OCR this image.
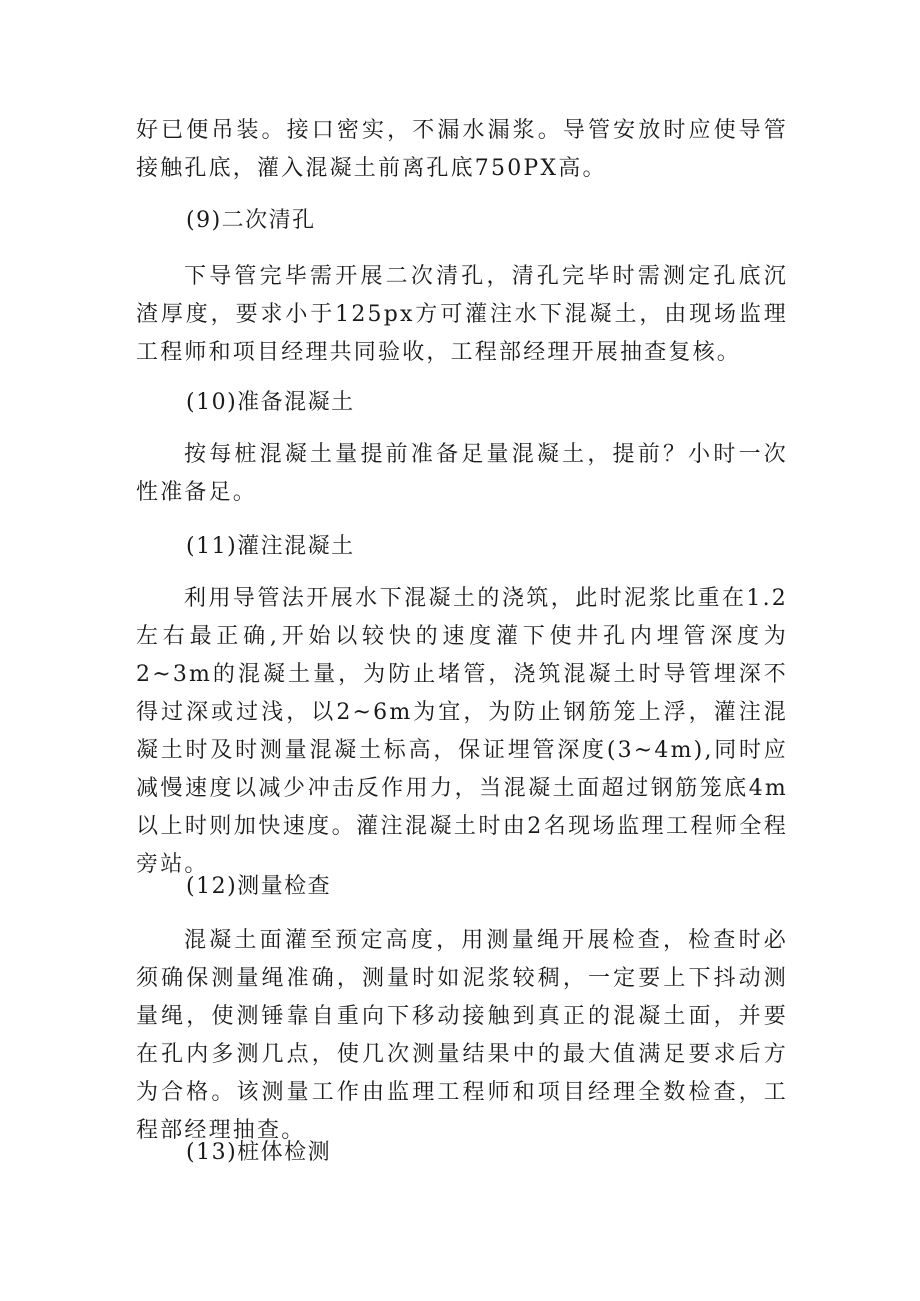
好已便吊装。接口密实，不漏水漏浆。导管安放时应使导管接触孔底，灌入混凝土前离孔底750PX高。

(9)二次清孔

下导管完毕需开展二次清孔，清孔完毕时需测定孔底沉渣厚度，要求小于125px方可灌注水下混凝土，由现场监理工程师和项目经理共同验收，工程部经理开展抽查复核。

(10)准备混凝土

按每桩混凝土量提前准备足量混凝土，提前？小时一次性准备足。

(11)灌注混凝土

利用导管法开展水下混凝土的浇筑，此时泥浆比重在1.2左右最正确,开始以较快的速度灌下使井孔内埋管深度为2~3m的混凝土量，为防止堵管，浇筑混凝土时导管埋深不得过深或过浅，以2~6m为宜，为防止钢筋笼上浮，灌注混凝土时及时测量混凝土标高，保证埋管深度(3~4m),同时应减慢速度以减少冲击反作用力，当混凝土面超过钢筋笼底4m以上时则加快速度。灌注混凝土时由2名现场监理工程师全程旁站。

(12)测量检查

混凝土面灌至预定高度，用测量绳开展检查，检查时必须确保测量绳准确，测量时如泥浆较稠，一定要上下抖动测量绳，使测锤靠自重向下移动接触到真正的混凝土面，并要在孔内多测几点，使几次测量结果中的最大值满足要求后方为合格。该测量工作由监理工程师和项目经理全数检查，工程部经理抽查。

(13)桩体检测
